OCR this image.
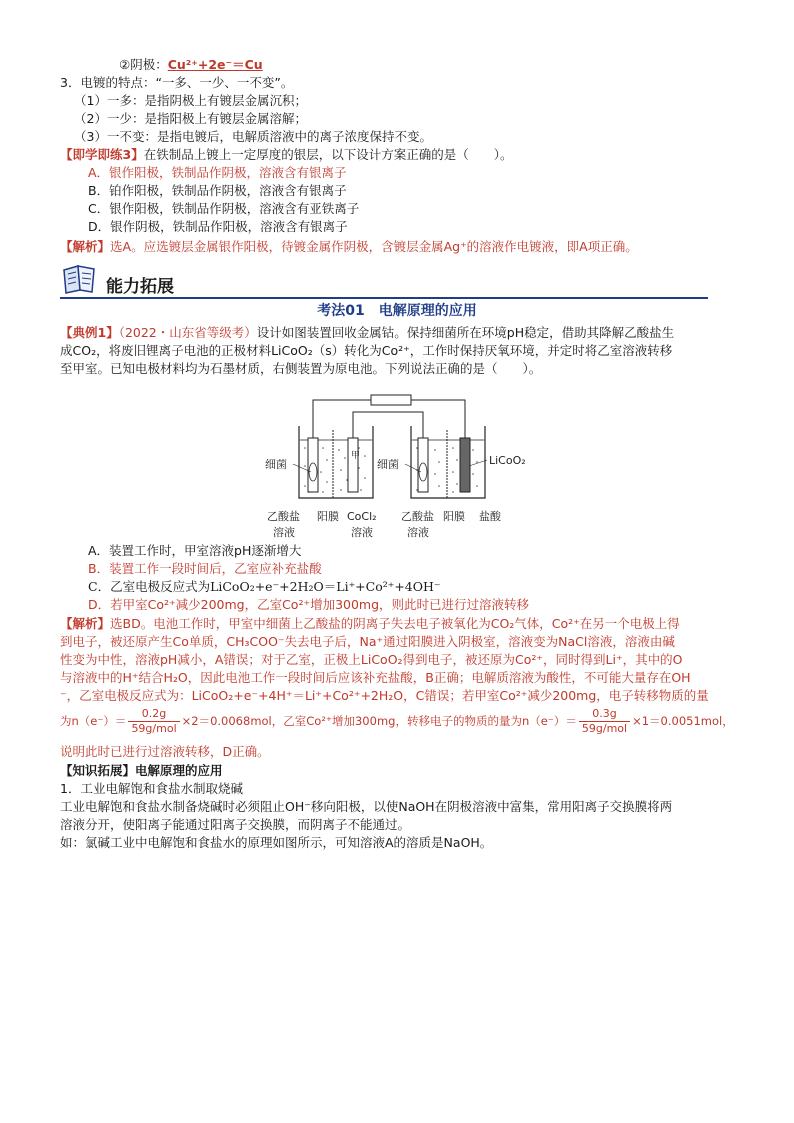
②阴极：Cu²⁺+2e⁻＝Cu
3．电镀的特点：“一多、一少、一不变”。
（1）一多：是指阴极上有镀层金属沉积；
（2）一少：是指阳极上有镀层金属溶解；
（3）一不变：是指电镀后，电解质溶液中的离子浓度保持不变。
【即学即练3】在铁制品上镀上一定厚度的银层，以下设计方案正确的是（　　）。
A．银作阳极，铁制品作阴极，溶液含有银离子
B．铂作阳极，铁制品作阴极，溶液含有银离子
C．银作阳极，铁制品作阴极，溶液含有亚铁离子
D．银作阴极，铁制品作阳极，溶液含有银离子
【解析】选A。应选镀层金属银作阳极，待镀金属作阴极，含镀层金属Ag⁺的溶液作电镀液，即A项正确。
能力拓展
考法01　电解原理的应用
【典例1】（2022・山东省等级考）设计如图装置回收金属钴。保持细菌所在环境pH稳定，借助其降解乙酸盐生
成CO₂，将废旧锂离子电池的正极材料LiCoO₂（s）转化为Co²⁺，工作时保持厌氧环境，并定时将乙室溶液转移
至甲室。已知电极材料均为石墨材质，右侧装置为原电池。下列说法正确的是（　　）。
细菌	细菌	LiCoO₂
甲
乙酸盐
溶液
阳膜 CoCl₂
溶液
乙酸盐
溶液
阳膜 盐酸
A．装置工作时，甲室溶液pH逐渐增大
B．装置工作一段时间后，乙室应补充盐酸
C．乙室电极反应式为LiCoO₂+e⁻+2H₂O＝Li⁺+Co²⁺+4OH⁻
D．若甲室Co²⁺减少200mg，乙室Co²⁺增加300mg，则此时已进行过溶液转移
【解析】选BD。电池工作时，甲室中细菌上乙酸盐的阴离子失去电子被氧化为CO₂气体，Co²⁺在另一个电极上得
到电子，被还原产生Co单质，CH₃COO⁻失去电子后，Na⁺通过阳膜进入阴极室，溶液变为NaCl溶液，溶液由碱
性变为中性，溶液pH减小，A错误；对于乙室，正极上LiCoO₂得到电子，被还原为Co²⁺，同时得到Li⁺，其中的O
与溶液中的H⁺结合H₂O，因此电池工作一段时间后应该补充盐酸，B正确；电解质溶液为酸性，不可能大量存在OH
⁻，乙室电极反应式为：LiCoO₂+e⁻+4H⁺＝Li⁺+Co²⁺+2H₂O，C错误；若甲室Co²⁺减少200mg，电子转移物质的量
为$n(e^-)= \frac{0.2g}{\text{59g/mol}} \times 2=0.0068mol$，乙室Co²⁺增加300mg，转移电子的物质的量为$n(e^-)= \frac{0.3g}{\text{59g/mol}} \times 1=0.0051mol$，
说明此时已进行过溶液转移，D正确。
【知识拓展】电解原理的应用
1．工业电解饱和食盐水制取烧碱
工业电解饱和食盐水制备烧碱时必须阻止OH⁻移向阳极，以使NaOH在阴极溶液中富集，常用阳离子交换膜将两
溶液分开，使阳离子能通过阳离子交换膜，而阴离子不能通过。
如：氯碱工业中电解饱和食盐水的原理如图所示，可知溶液A的溶质是NaOH。
